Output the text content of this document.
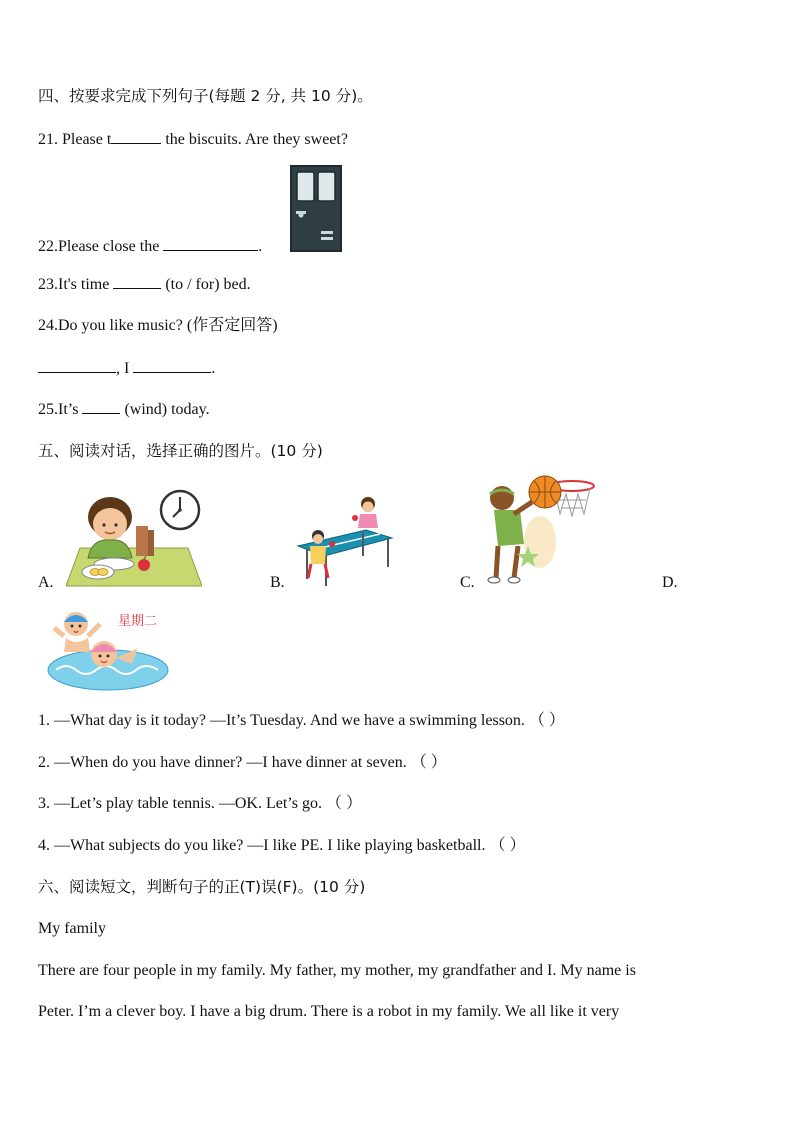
四、按要求完成下列句子(每题 2 分, 共 10 分)。
21. Please t	the biscuits. Are they sweet?
22.Please close the	.
23.It's time	(to / for) bed.
24.Do you like music? (作否定回答)
, I	.
25.It’s  (wind) today.
五、阅读对话，选择正确的图片。(10 分)
A.	B.	C.	D.
星期二
1. —What day is it today? —It’s Tuesday. And we have a swimming lesson. （ ）
2. —When do you have dinner? —I have dinner at seven. （ ）
3. —Let’s play table tennis. —OK. Let’s go. （ ）
4. —What subjects do you like? —I like PE. I like playing basketball. （ ）
六、阅读短文，判断句子的正(T)误(F)。(10 分)
My family
There are four people in my family. My father, my mother, my grandfather and I. My name is
Peter. I’m a clever boy. I have a big drum. There is a robot in my family. We all like it very
